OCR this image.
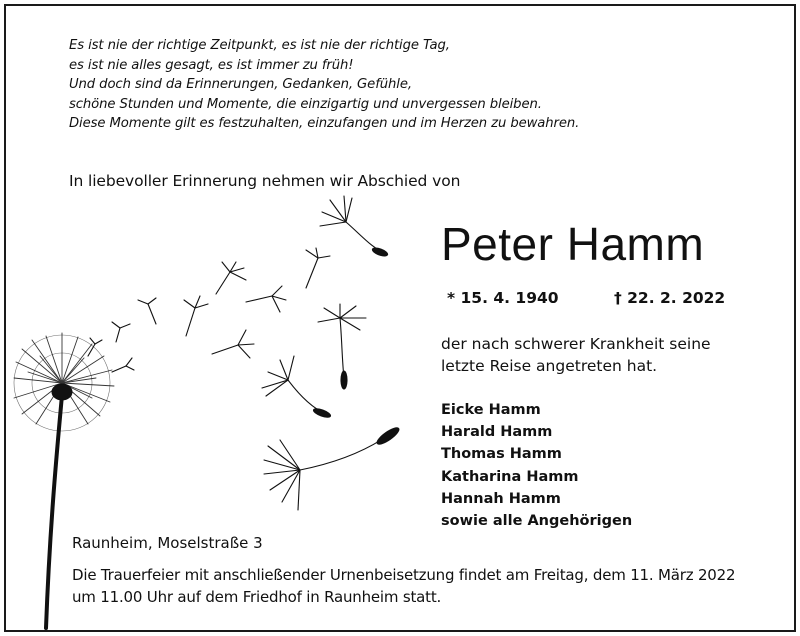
Es ist nie der richtige Zeitpunkt, es ist nie der richtige Tag,
es ist nie alles gesagt, es ist immer zu früh!
Und doch sind da Erinnerungen, Gedanken, Gefühle,
schöne Stunden und Momente, die einzigartig und unvergessen bleiben.
Diese Momente gilt es festzuhalten, einzufangen und im Herzen zu bewahren.
In liebevoller Erinnerung nehmen wir Abschied von
Peter Hamm
* 15. 4. 1940	† 22. 2. 2022
der nach schwerer Krankheit seine
letzte Reise angetreten hat.
Eicke Hamm
Harald Hamm
Thomas Hamm
Katharina Hamm
Hannah Hamm
sowie alle Angehörigen
Raunheim, Moselstraße 3
Die Trauerfeier mit anschließender Urnenbeisetzung findet am Freitag, dem 11. März 2022
um 11.00 Uhr auf dem Friedhof in Raunheim statt.
